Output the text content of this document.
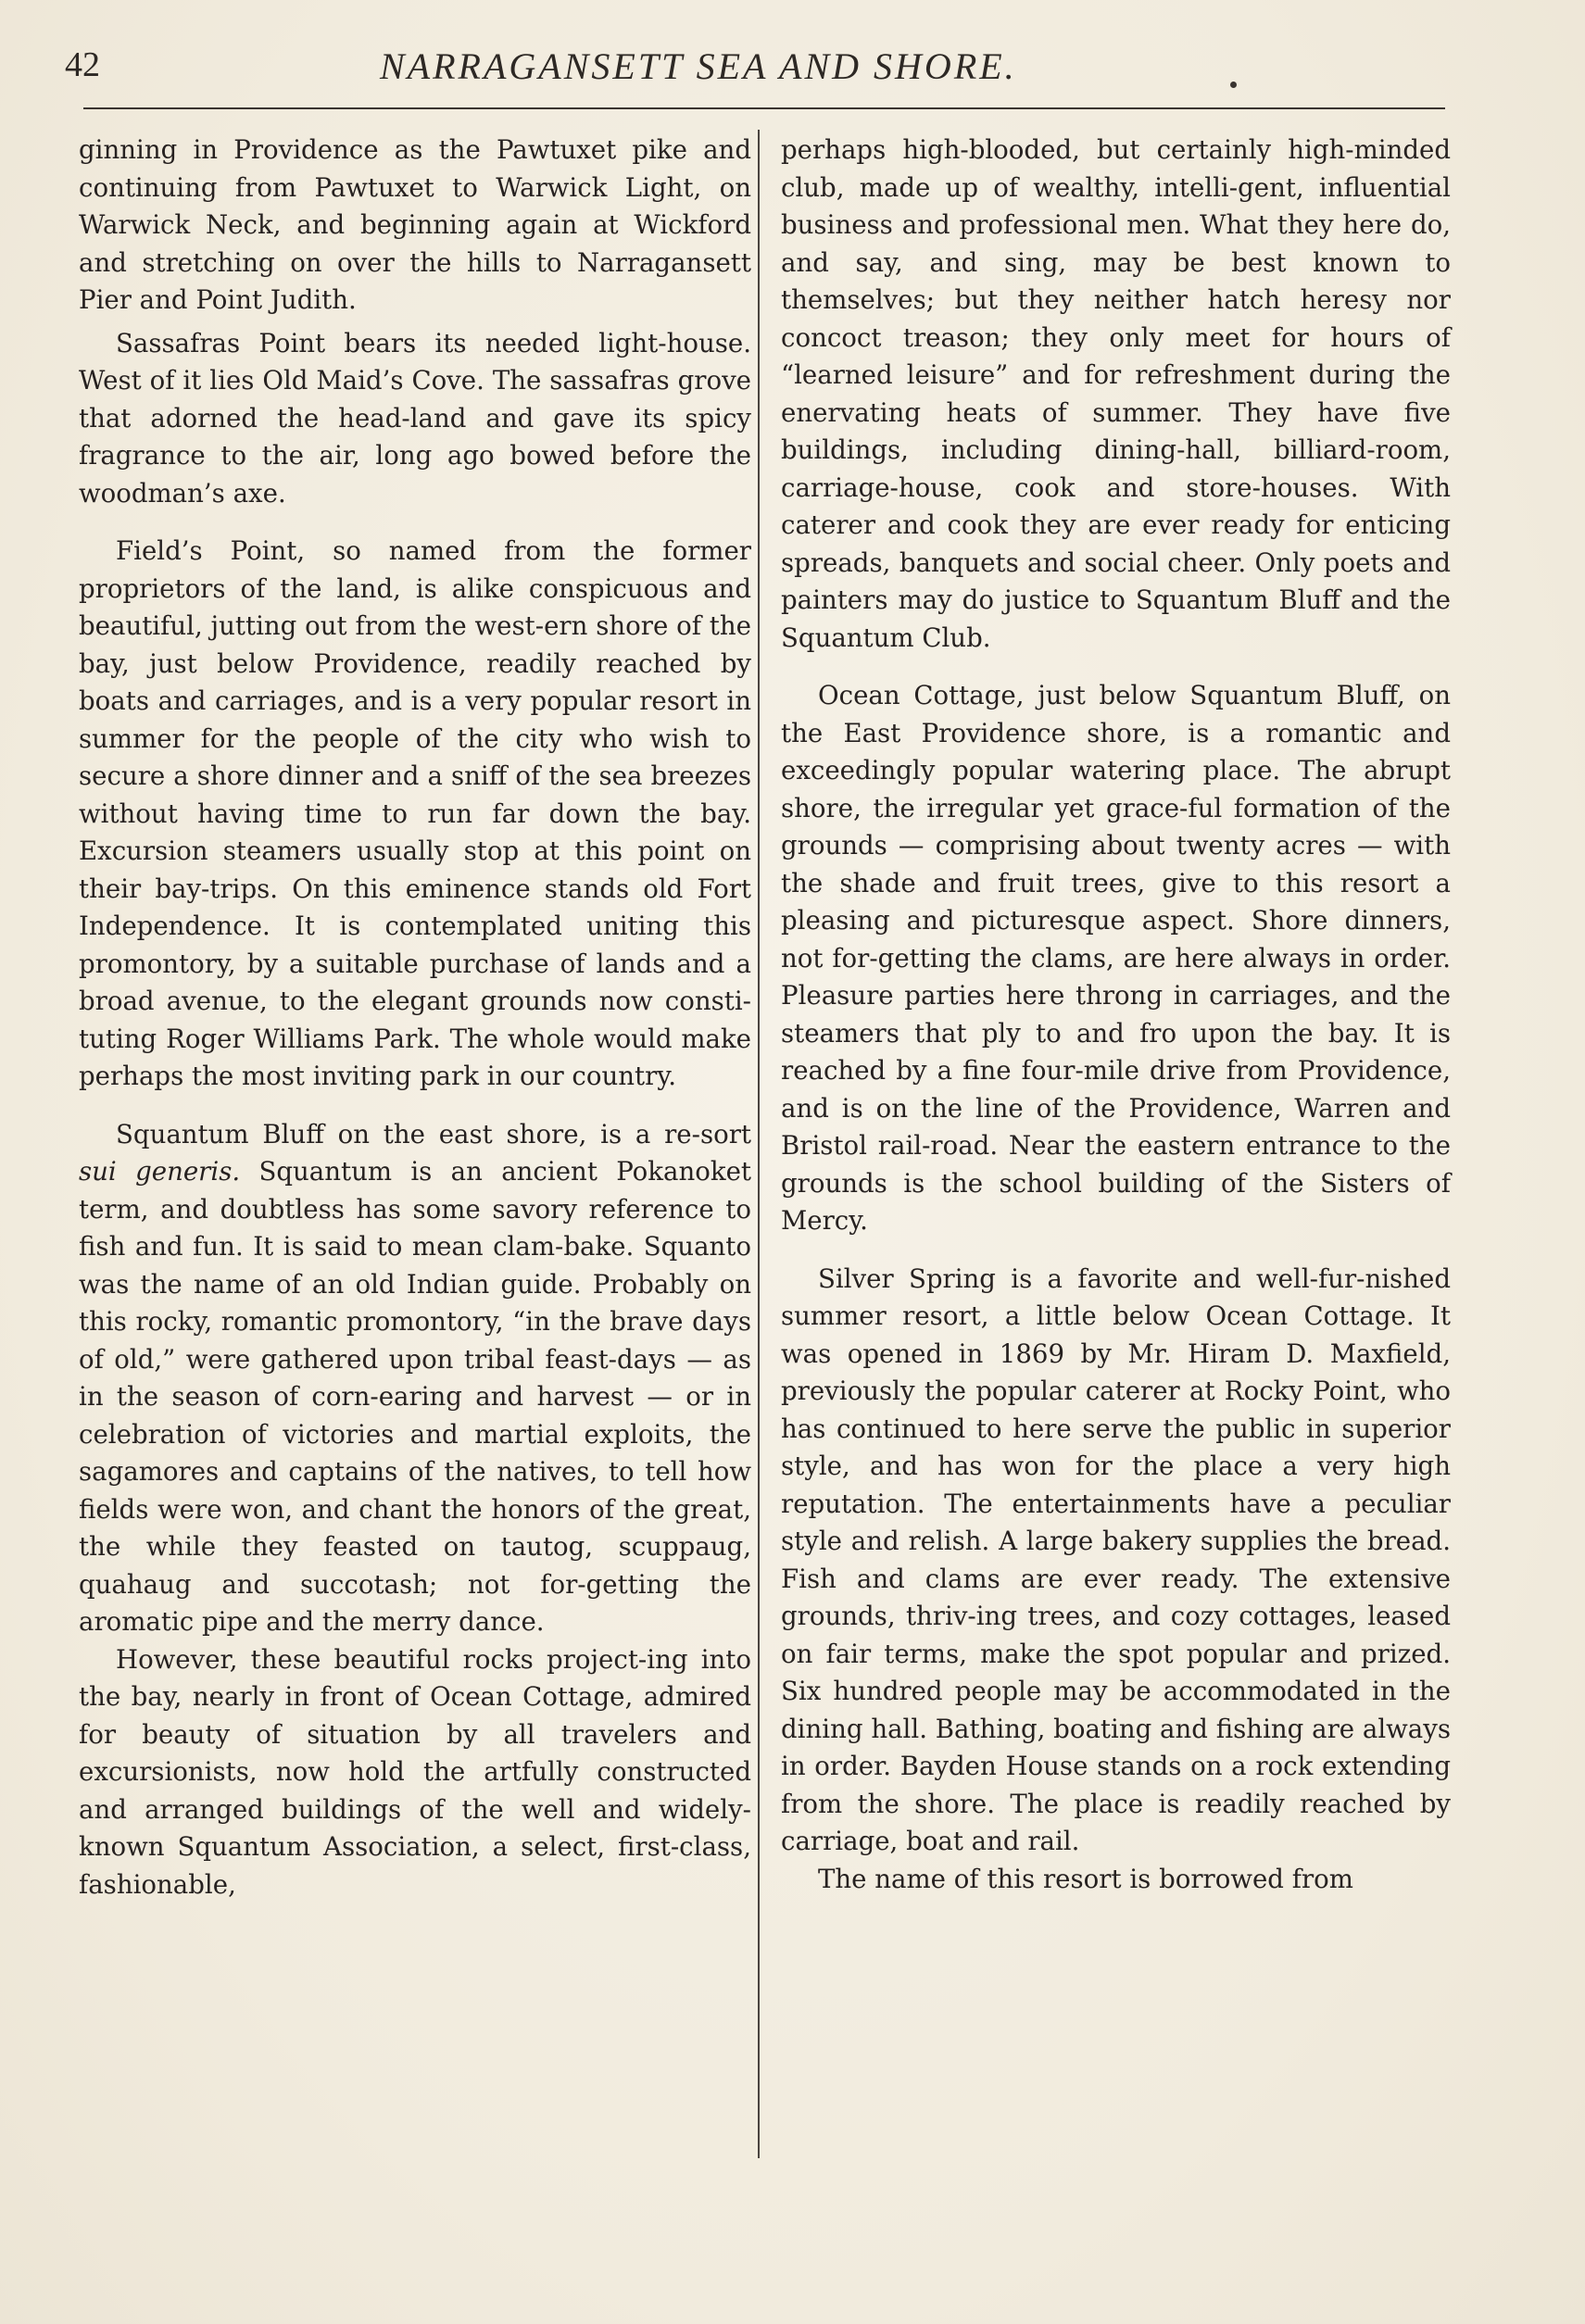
42	NARRAGANSETT SEA AND SHORE.

ginning in Providence as the Pawtuxet pike and continuing from Pawtuxet to Warwick Light, on Warwick Neck, and beginning again at Wickford and stretching on over the hills to Narragansett Pier and Point Judith.

Sassafras Point bears its needed light-house. West of it lies Old Maid’s Cove. The sassafras grove that adorned the head-land and gave its spicy fragrance to the air, long ago bowed before the woodman’s axe.

Field’s Point, so named from the former proprietors of the land, is alike conspicuous and beautiful, jutting out from the west-ern shore of the bay, just below Providence, readily reached by boats and carriages, and is a very popular resort in summer for the people of the city who wish to secure a shore dinner and a sniff of the sea breezes without having time to run far down the bay. Excursion steamers usually stop at this point on their bay-trips. On this eminence stands old Fort Independence. It is contemplated uniting this promontory, by a suitable purchase of lands and a broad avenue, to the elegant grounds now consti-tuting Roger Williams Park. The whole would make perhaps the most inviting park in our country.

Squantum Bluff on the east shore, is a re-sort sui generis. Squantum is an ancient Pokanoket term, and doubtless has some savory reference to fish and fun. It is said to mean clam-bake. Squanto was the name of an old Indian guide. Probably on this rocky, romantic promontory, “in the brave days of old,” were gathered upon tribal feast-days — as in the season of corn-earing and harvest — or in celebration of victories and martial exploits, the sagamores and captains of the natives, to tell how fields were won, and chant the honors of the great, the while they feasted on tautog, scuppaug, quahaug and succotash; not for-getting the aromatic pipe and the merry dance.

However, these beautiful rocks project-ing into the bay, nearly in front of Ocean Cottage, admired for beauty of situation by all travelers and excursionists, now hold the artfully constructed and arranged buildings of the well and widely-known Squantum Association, a select, first-class, fashionable,

perhaps high-blooded, but certainly high-minded club, made up of wealthy, intelli-gent, influential business and professional men. What they here do, and say, and sing, may be best known to themselves; but they neither hatch heresy nor concoct treason; they only meet for hours of “learned leisure” and for refreshment during the enervating heats of summer. They have five buildings, including dining-hall, billiard-room, carriage-house, cook and store-houses. With caterer and cook they are ever ready for enticing spreads, banquets and social cheer. Only poets and painters may do justice to Squantum Bluff and the Squantum Club.

Ocean Cottage, just below Squantum Bluff, on the East Providence shore, is a romantic and exceedingly popular watering place. The abrupt shore, the irregular yet grace-ful formation of the grounds — comprising about twenty acres — with the shade and fruit trees, give to this resort a pleasing and picturesque aspect. Shore dinners, not for-getting the clams, are here always in order. Pleasure parties here throng in carriages, and the steamers that ply to and fro upon the bay. It is reached by a fine four-mile drive from Providence, and is on the line of the Providence, Warren and Bristol rail-road. Near the eastern entrance to the grounds is the school building of the Sisters of Mercy.

Silver Spring is a favorite and well-fur-nished summer resort, a little below Ocean Cottage. It was opened in 1869 by Mr. Hiram D. Maxfield, previously the popular caterer at Rocky Point, who has continued to here serve the public in superior style, and has won for the place a very high reputation. The entertainments have a peculiar style and relish. A large bakery supplies the bread. Fish and clams are ever ready. The extensive grounds, thriv-ing trees, and cozy cottages, leased on fair terms, make the spot popular and prized. Six hundred people may be accommodated in the dining hall. Bathing, boating and fishing are always in order. Bayden House stands on a rock extending from the shore. The place is readily reached by carriage, boat and rail.

The name of this resort is borrowed from
